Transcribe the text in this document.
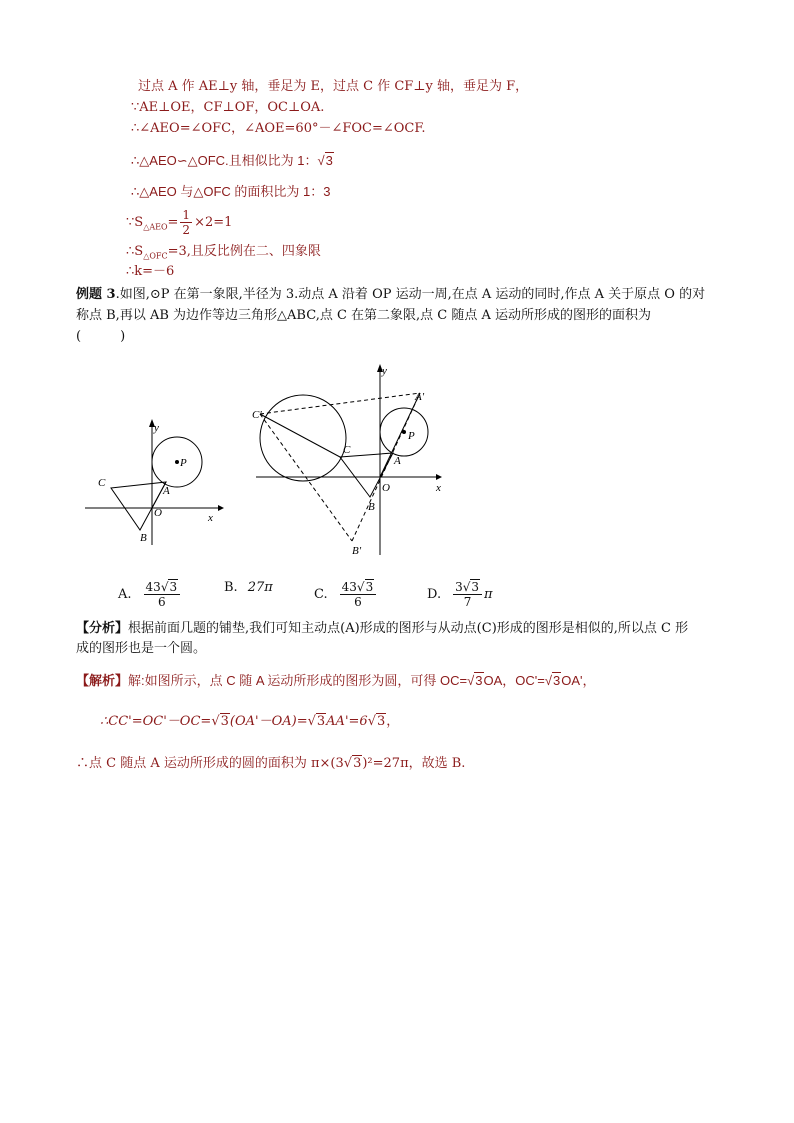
过点 A 作 AE⊥y 轴，垂足为 E，过点 C 作 CF⊥y 轴，垂足为 F，
∵AE⊥OE，CF⊥OF，OC⊥OA.
∴∠AEO=∠OFC，∠AOE=60°－∠FOC=∠OCF.
∴△AEO∽△OFC.且相似比为 1：√3
∴△AEO 与△OFC 的面积比为 1：3
$\because S_{\triangle AEO}= \frac{1}{2} \times 2=1$
$\therefore S_{\triangle OFC}=3$,且反比例在二、四象限
∴k=－6
例题 3.如图,⊙P 在第一象限,半径为 3.动点 A 沿着 OP 运动一周,在点 A 运动的同时,作点 A 关于原点 O 的对
称点 B,再以 AB 为边作等边三角形△ABC,点 C 在第二象限,点 C 随点 A 运动所形成的图形的面积为
(　　　)
y
x
P
C
A
O
B
y
x
C'
A'
P
C
A
O
B
B'
A. $\frac{43√3}{6}$	B. 27π	C. $\frac{43√3}{6}$	D. $\frac{3√3}{7}$ π
【分析】根据前面几题的铺垫,我们可知主动点(A)形成的图形与从动点(C)形成的图形是相似的,所以点 C 形
成的图形也是一个圆。
【解析】解:如图所示，点 C 随 A 运动所形成的图形为圆，可得 OC=√3OA，OC'=√3OA'，
∴CC'=OC'－OC=√3(OA'－OA)=√3AA'=6√3，
∴点 C 随点 A 运动所形成的圆的面积为 π×(3√3)²=27π，故选 B.
